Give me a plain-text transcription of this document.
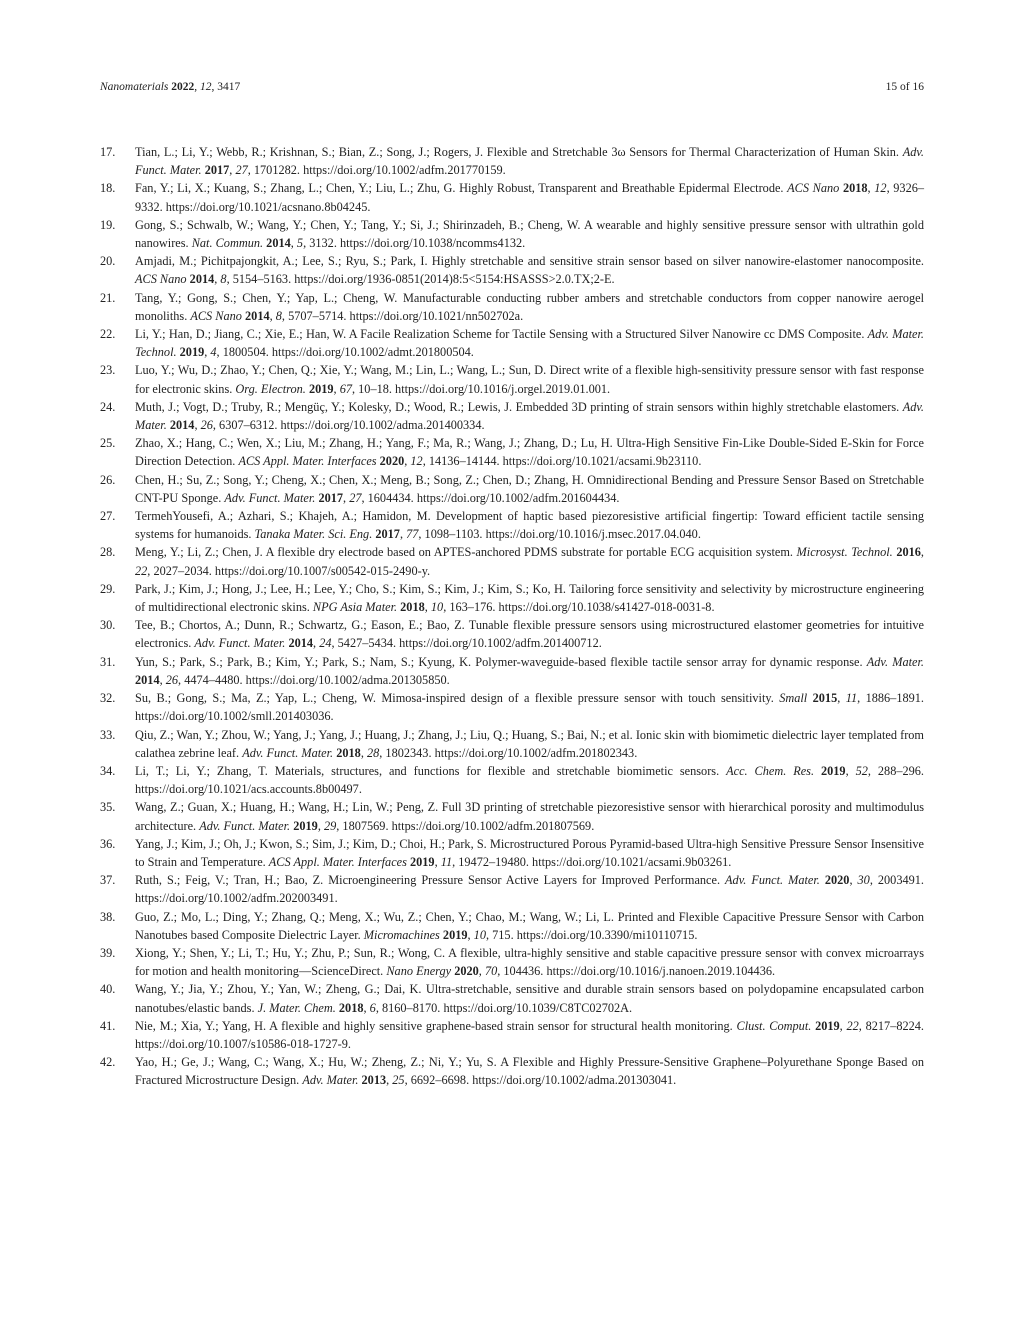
Nanomaterials 2022, 12, 3417	15 of 16
17.	Tian, L.; Li, Y.; Webb, R.; Krishnan, S.; Bian, Z.; Song, J.; Rogers, J. Flexible and Stretchable 3ω Sensors for Thermal Characterization of Human Skin. Adv. Funct. Mater. 2017, 27, 1701282. https://doi.org/10.1002/adfm.201770159.
18.	Fan, Y.; Li, X.; Kuang, S.; Zhang, L.; Chen, Y.; Liu, L.; Zhu, G. Highly Robust, Transparent and Breathable Epidermal Electrode. ACS Nano 2018, 12, 9326–9332. https://doi.org/10.1021/acsnano.8b04245.
19.	Gong, S.; Schwalb, W.; Wang, Y.; Chen, Y.; Tang, Y.; Si, J.; Shirinzadeh, B.; Cheng, W. A wearable and highly sensitive pressure sensor with ultrathin gold nanowires. Nat. Commun. 2014, 5, 3132. https://doi.org/10.1038/ncomms4132.
20.	Amjadi, M.; Pichitpajongkit, A.; Lee, S.; Ryu, S.; Park, I. Highly stretchable and sensitive strain sensor based on silver nanowire-elastomer nanocomposite. ACS Nano 2014, 8, 5154–5163. https://doi.org/1936-0851(2014)8:5<5154:HSASSS>2.0.TX;2-E.
21.	Tang, Y.; Gong, S.; Chen, Y.; Yap, L.; Cheng, W. Manufacturable conducting rubber ambers and stretchable conductors from copper nanowire aerogel monoliths. ACS Nano 2014, 8, 5707–5714. https://doi.org/10.1021/nn502702a.
22.	Li, Y.; Han, D.; Jiang, C.; Xie, E.; Han, W. A Facile Realization Scheme for Tactile Sensing with a Structured Silver Nanowire cc DMS Composite. Adv. Mater. Technol. 2019, 4, 1800504. https://doi.org/10.1002/admt.201800504.
23.	Luo, Y.; Wu, D.; Zhao, Y.; Chen, Q.; Xie, Y.; Wang, M.; Lin, L.; Wang, L.; Sun, D. Direct write of a flexible high-sensitivity pressure sensor with fast response for electronic skins. Org. Electron. 2019, 67, 10–18. https://doi.org/10.1016/j.orgel.2019.01.001.
24.	Muth, J.; Vogt, D.; Truby, R.; Mengüç, Y.; Kolesky, D.; Wood, R.; Lewis, J. Embedded 3D printing of strain sensors within highly stretchable elastomers. Adv. Mater. 2014, 26, 6307–6312. https://doi.org/10.1002/adma.201400334.
25.	Zhao, X.; Hang, C.; Wen, X.; Liu, M.; Zhang, H.; Yang, F.; Ma, R.; Wang, J.; Zhang, D.; Lu, H. Ultra-High Sensitive Fin-Like Double-Sided E-Skin for Force Direction Detection. ACS Appl. Mater. Interfaces 2020, 12, 14136–14144. https://doi.org/10.1021/acsami.9b23110.
26.	Chen, H.; Su, Z.; Song, Y.; Cheng, X.; Chen, X.; Meng, B.; Song, Z.; Chen, D.; Zhang, H. Omnidirectional Bending and Pressure Sensor Based on Stretchable CNT-PU Sponge. Adv. Funct. Mater. 2017, 27, 1604434. https://doi.org/10.1002/adfm.201604434.
27.	TermehYousefi, A.; Azhari, S.; Khajeh, A.; Hamidon, M. Development of haptic based piezoresistive artificial fingertip: Toward efficient tactile sensing systems for humanoids. Tanaka Mater. Sci. Eng. 2017, 77, 1098–1103. https://doi.org/10.1016/j.msec.2017.04.040.
28.	Meng, Y.; Li, Z.; Chen, J. A flexible dry electrode based on APTES-anchored PDMS substrate for portable ECG acquisition system. Microsyst. Technol. 2016, 22, 2027–2034. https://doi.org/10.1007/s00542-015-2490-y.
29.	Park, J.; Kim, J.; Hong, J.; Lee, H.; Lee, Y.; Cho, S.; Kim, S.; Kim, J.; Kim, S.; Ko, H. Tailoring force sensitivity and selectivity by microstructure engineering of multidirectional electronic skins. NPG Asia Mater. 2018, 10, 163–176. https://doi.org/10.1038/s41427-018-0031-8.
30.	Tee, B.; Chortos, A.; Dunn, R.; Schwartz, G.; Eason, E.; Bao, Z. Tunable flexible pressure sensors using microstructured elastomer geometries for intuitive electronics. Adv. Funct. Mater. 2014, 24, 5427–5434. https://doi.org/10.1002/adfm.201400712.
31.	Yun, S.; Park, S.; Park, B.; Kim, Y.; Park, S.; Nam, S.; Kyung, K. Polymer-waveguide-based flexible tactile sensor array for dynamic response. Adv. Mater. 2014, 26, 4474–4480. https://doi.org/10.1002/adma.201305850.
32.	Su, B.; Gong, S.; Ma, Z.; Yap, L.; Cheng, W. Mimosa-inspired design of a flexible pressure sensor with touch sensitivity. Small 2015, 11, 1886–1891. https://doi.org/10.1002/smll.201403036.
33.	Qiu, Z.; Wan, Y.; Zhou, W.; Yang, J.; Yang, J.; Huang, J.; Zhang, J.; Liu, Q.; Huang, S.; Bai, N.; et al. Ionic skin with biomimetic dielectric layer templated from calathea zebrine leaf. Adv. Funct. Mater. 2018, 28, 1802343. https://doi.org/10.1002/adfm.201802343.
34.	Li, T.; Li, Y.; Zhang, T. Materials, structures, and functions for flexible and stretchable biomimetic sensors. Acc. Chem. Res. 2019, 52, 288–296. https://doi.org/10.1021/acs.accounts.8b00497.
35.	Wang, Z.; Guan, X.; Huang, H.; Wang, H.; Lin, W.; Peng, Z. Full 3D printing of stretchable piezoresistive sensor with hierarchical porosity and multimodulus architecture. Adv. Funct. Mater. 2019, 29, 1807569. https://doi.org/10.1002/adfm.201807569.
36.	Yang, J.; Kim, J.; Oh, J.; Kwon, S.; Sim, J.; Kim, D.; Choi, H.; Park, S. Microstructured Porous Pyramid-based Ultra-high Sensitive Pressure Sensor Insensitive to Strain and Temperature. ACS Appl. Mater. Interfaces 2019, 11, 19472–19480. https://doi.org/10.1021/acsami.9b03261.
37.	Ruth, S.; Feig, V.; Tran, H.; Bao, Z. Microengineering Pressure Sensor Active Layers for Improved Performance. Adv. Funct. Mater. 2020, 30, 2003491. https://doi.org/10.1002/adfm.202003491.
38.	Guo, Z.; Mo, L.; Ding, Y.; Zhang, Q.; Meng, X.; Wu, Z.; Chen, Y.; Chao, M.; Wang, W.; Li, L. Printed and Flexible Capacitive Pressure Sensor with Carbon Nanotubes based Composite Dielectric Layer. Micromachines 2019, 10, 715. https://doi.org/10.3390/mi10110715.
39.	Xiong, Y.; Shen, Y.; Li, T.; Hu, Y.; Zhu, P.; Sun, R.; Wong, C. A flexible, ultra-highly sensitive and stable capacitive pressure sensor with convex microarrays for motion and health monitoring—ScienceDirect. Nano Energy 2020, 70, 104436. https://doi.org/10.1016/j.nanoen.2019.104436.
40.	Wang, Y.; Jia, Y.; Zhou, Y.; Yan, W.; Zheng, G.; Dai, K. Ultra-stretchable, sensitive and durable strain sensors based on polydopamine encapsulated carbon nanotubes/elastic bands. J. Mater. Chem. 2018, 6, 8160–8170. https://doi.org/10.1039/C8TC02702A.
41.	Nie, M.; Xia, Y.; Yang, H. A flexible and highly sensitive graphene-based strain sensor for structural health monitoring. Clust. Comput. 2019, 22, 8217–8224. https://doi.org/10.1007/s10586-018-1727-9.
42.	Yao, H.; Ge, J.; Wang, C.; Wang, X.; Hu, W.; Zheng, Z.; Ni, Y.; Yu, S. A Flexible and Highly Pressure-Sensitive Graphene–Polyurethane Sponge Based on Fractured Microstructure Design. Adv. Mater. 2013, 25, 6692–6698. https://doi.org/10.1002/adma.201303041.
